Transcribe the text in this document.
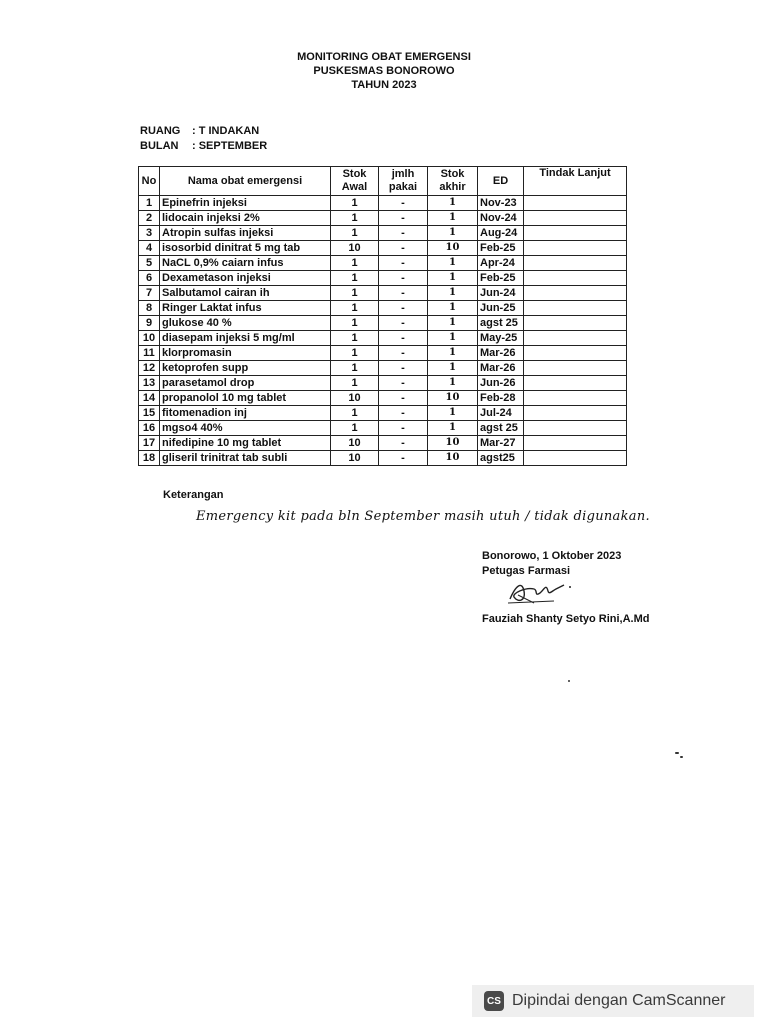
MONITORING OBAT EMERGENSI
PUSKESMAS BONOROWO
TAHUN 2023
RUANG : T INDAKAN
BULAN : SEPTEMBER
No	Nama obat emergensi	Stok Awal	jmlh pakai	Stok akhir	ED	Tindak Lanjut
1	Epinefrin injeksi	1	-	1	Nov-23	
2	lidocain injeksi 2%	1	-	1	Nov-24	
3	Atropin sulfas injeksi	1	-	1	Aug-24	
4	isosorbid dinitrat 5 mg tab	10	-	10	Feb-25	
5	NaCL 0,9% caiarn infus	1	-	1	Apr-24	
6	Dexametason injeksi	1	-	1	Feb-25	
7	Salbutamol cairan ih	1	-	1	Jun-24	
8	Ringer Laktat infus	1	-	1	Jun-25	
9	glukose 40 %	1	-	1	agst 25	
10	diasepam injeksi 5 mg/ml	1	-	1	May-25	
11	klorpromasin	1	-	1	Mar-26	
12	ketoprofen supp	1	-	1	Mar-26	
13	parasetamol drop	1	-	1	Jun-26	
14	propanolol 10 mg tablet	10	-	10	Feb-28	
15	fitomenadion inj	1	-	1	Jul-24	
16	mgso4 40%	1	-	1	agst 25	
17	nifedipine 10 mg tablet	10	-	10	Mar-27	
18	gliseril trinitrat tab subli	10	-	10	agst25	
Keterangan
Emergency kit pada bln September masih utuh / tidak digunakan.
Bonorowo, 1 Oktober 2023
Petugas Farmasi
Fauziah Shanty Setyo Rini,A.Md
CS Dipindai dengan CamScanner
